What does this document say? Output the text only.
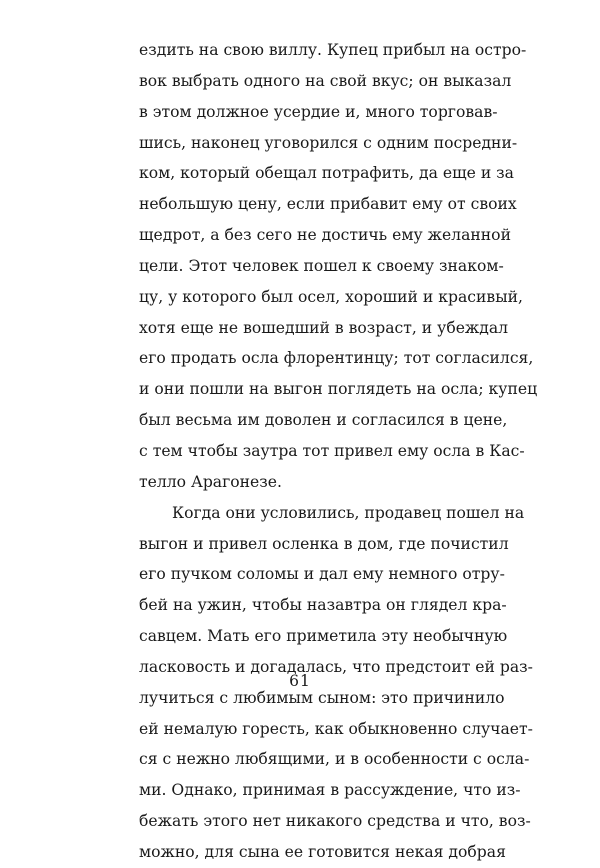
ездить на свою виллу. Купец прибыл на остро-
вок выбрать одного на свой вкус; он выказал
в этом должное усердие и, много торговав-
шись, наконец уговорился с одним посредни-
ком, который обещал потрафить, да еще и за
небольшую цену, если прибавит ему от своих
щедрот, а без сего не достичь ему желанной
цели. Этот человек пошел к своему знаком-
цу, у которого был осел, хороший и красивый,
хотя еще не вошедший в возраст, и убеждал
его продать осла флорентинцу; тот согласился,
и они пошли на выгон поглядеть на осла; купец
был весьма им доволен и согласился в цене,
с тем чтобы заутра тот привел ему осла в Кас-
телло Арагонезе.
Когда они условились, продавец пошел на
выгон и привел осленка в дом, где почистил
его пучком соломы и дал ему немного отру-
бей на ужин, чтобы назавтра он глядел кра-
савцем. Мать его приметила эту необычную
ласковость и догадалась, что предстоит ей раз-
лучиться с любимым сыном: это причинило
ей немалую горесть, как обыкновенно случает-
ся с нежно любящими, и в особенности с осла-
ми. Однако, принимая в рассуждение, что из-
бежать этого нет никакого средства и что, воз-
можно, для сына ее готовится некая добрая
61
